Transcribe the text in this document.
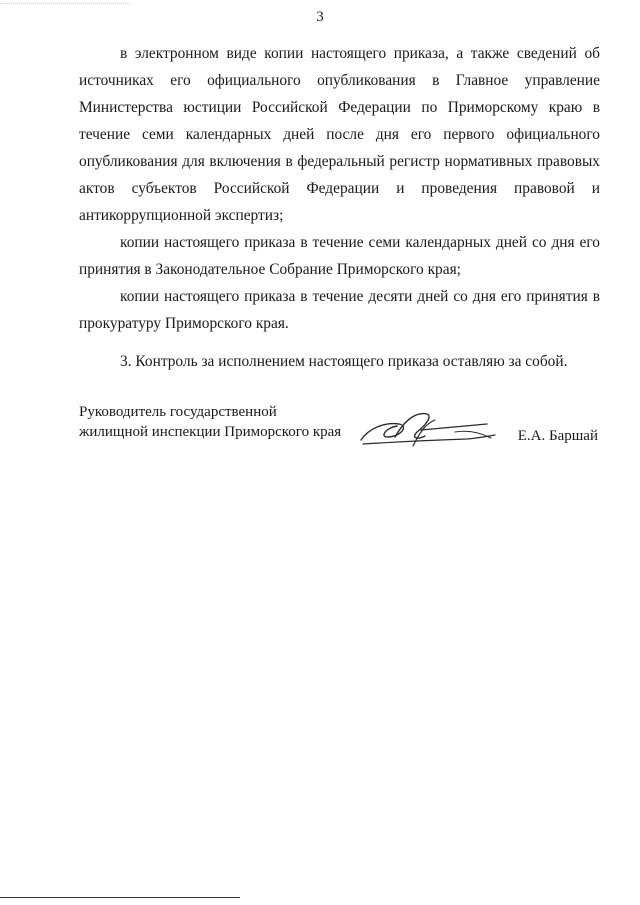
3

в электронном виде копии настоящего приказа, а также сведений об источниках его официального опубликования в Главное управление Министерства юстиции Российской Федерации по Приморскому краю в течение семи календарных дней после дня его первого официального опубликования для включения в федеральный регистр нормативных правовых актов субъектов Российской Федерации и проведения правовой и антикоррупционной экспертиз;

копии настоящего приказа в течение семи календарных дней со дня его принятия в Законодательное Собрание Приморского края;

копии настоящего приказа в течение десяти дней со дня его принятия в прокуратуру Приморского края.

3. Контроль за исполнением настоящего приказа оставляю за собой.

Руководитель государственной
жилищной инспекции Приморского края	Е.А. Баршай
